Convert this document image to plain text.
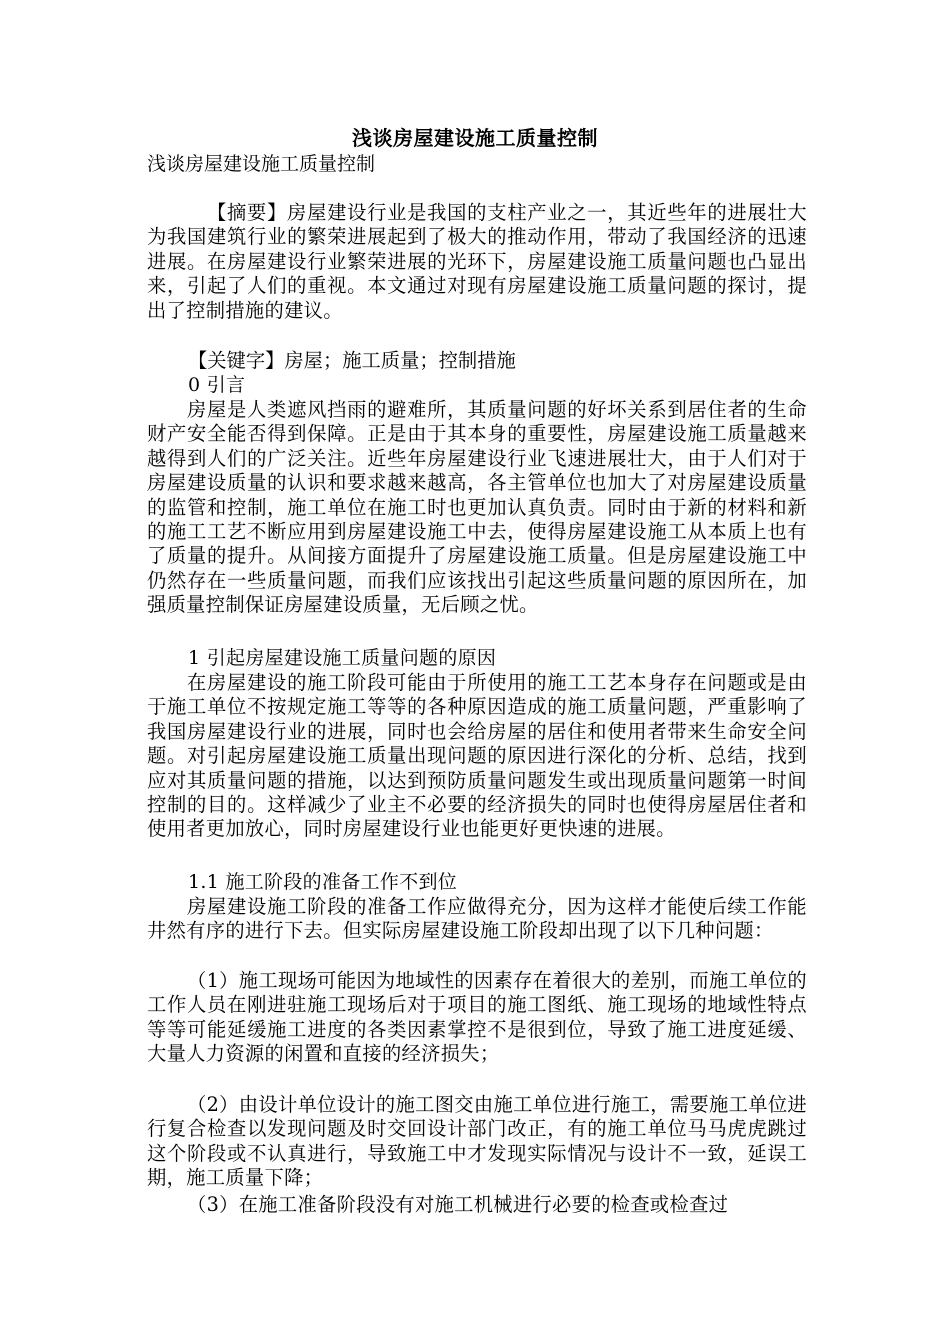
浅谈房屋建设施工质量控制
浅谈房屋建设施工质量控制

【摘要】房屋建设行业是我国的支柱产业之一，其近些年的进展壮大为我国建筑行业的繁荣进展起到了极大的推动作用，带动了我国经济的迅速进展。在房屋建设行业繁荣进展的光环下，房屋建设施工质量问题也凸显出来，引起了人们的重视。本文通过对现有房屋建设施工质量问题的探讨，提出了控制措施的建议。

【关键字】房屋；施工质量；控制措施
0 引言

房屋是人类遮风挡雨的避难所，其质量问题的好坏关系到居住者的生命财产安全能否得到保障。正是由于其本身的重要性，房屋建设施工质量越来越得到人们的广泛关注。近些年房屋建设行业飞速进展壮大，由于人们对于房屋建设质量的认识和要求越来越高，各主管单位也加大了对房屋建设质量的监管和控制，施工单位在施工时也更加认真负责。同时由于新的材料和新的施工工艺不断应用到房屋建设施工中去，使得房屋建设施工从本质上也有了质量的提升。从间接方面提升了房屋建设施工质量。但是房屋建设施工中仍然存在一些质量问题，而我们应该找出引起这些质量问题的原因所在，加强质量控制保证房屋建设质量，无后顾之忧。

1 引起房屋建设施工质量问题的原因

在房屋建设的施工阶段可能由于所使用的施工工艺本身存在问题或是由于施工单位不按规定施工等等的各种原因造成的施工质量问题，严重影响了我国房屋建设行业的进展，同时也会给房屋的居住和使用者带来生命安全问题。对引起房屋建设施工质量出现问题的原因进行深化的分析、总结，找到应对其质量问题的措施，以达到预防质量问题发生或出现质量问题第一时间控制的目的。这样减少了业主不必要的经济损失的同时也使得房屋居住者和使用者更加放心，同时房屋建设行业也能更好更快速的进展。

1.1 施工阶段的准备工作不到位

房屋建设施工阶段的准备工作应做得充分，因为这样才能使后续工作能井然有序的进行下去。但实际房屋建设施工阶段却出现了以下几种问题：

（1）施工现场可能因为地域性的因素存在着很大的差别，而施工单位的工作人员在刚进驻施工现场后对于项目的施工图纸、施工现场的地域性特点等等可能延缓施工进度的各类因素掌控不是很到位，导致了施工进度延缓、大量人力资源的闲置和直接的经济损失；

（2）由设计单位设计的施工图交由施工单位进行施工，需要施工单位进行复合检查以发现问题及时交回设计部门改正，有的施工单位马马虎虎跳过这个阶段或不认真进行，导致施工中才发现实际情况与设计不一致，延误工期，施工质量下降；

（3）在施工准备阶段没有对施工机械进行必要的检查或检查过
